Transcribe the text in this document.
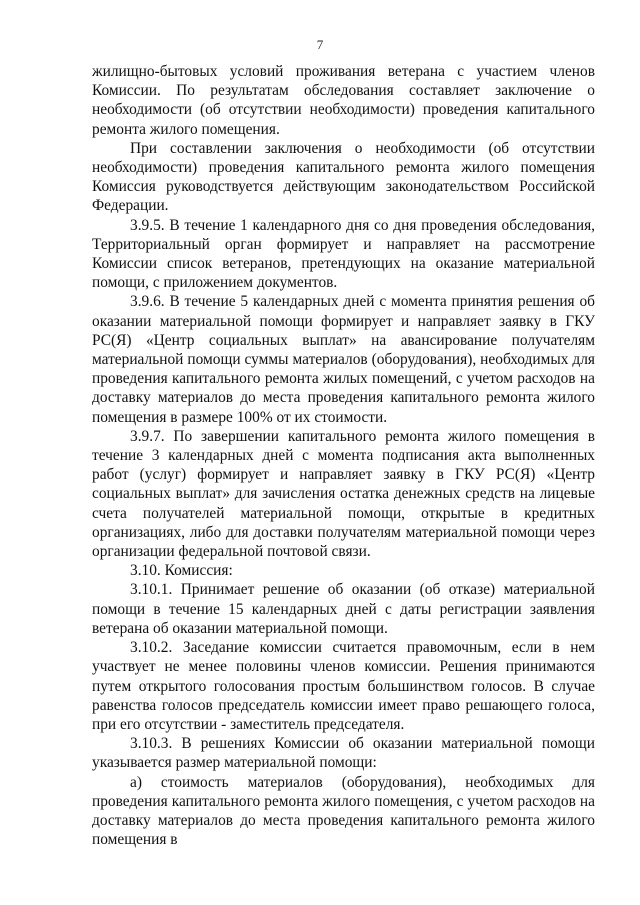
7

жилищно-бытовых условий проживания ветерана с участием членов Комиссии. По результатам обследования составляет заключение о необходимости (об отсутствии необходимости) проведения капитального ремонта жилого помещения.

При составлении заключения о необходимости (об отсутствии необходимости) проведения капитального ремонта жилого помещения Комиссия руководствуется действующим законодательством Российской Федерации.

3.9.5. В течение 1 календарного дня со дня проведения обследования, Территориальный орган формирует и направляет на рассмотрение Комиссии список ветеранов, претендующих на оказание материальной помощи, с приложением документов.

3.9.6. В течение 5 календарных дней с момента принятия решения об оказании материальной помощи формирует и направляет заявку в ГКУ РС(Я) «Центр социальных выплат» на авансирование получателям материальной помощи суммы материалов (оборудования), необходимых для проведения капитального ремонта жилых помещений, с учетом расходов на доставку материалов до места проведения капитального ремонта жилого помещения в размере 100% от их стоимости.

3.9.7. По завершении капитального ремонта жилого помещения в течение 3 календарных дней с момента подписания акта выполненных работ (услуг) формирует и направляет заявку в ГКУ РС(Я) «Центр социальных выплат» для зачисления остатка денежных средств на лицевые счета получателей материальной помощи, открытые в кредитных организациях, либо для доставки получателям материальной помощи через организации федеральной почтовой связи.

3.10. Комиссия:

3.10.1. Принимает решение об оказании (об отказе) материальной помощи в течение 15 календарных дней с даты регистрации заявления ветерана об оказании материальной помощи.

3.10.2. Заседание комиссии считается правомочным, если в нем участвует не менее половины членов комиссии. Решения принимаются путем открытого голосования простым большинством голосов. В случае равенства голосов председатель комиссии имеет право решающего голоса, при его отсутствии - заместитель председателя.

3.10.3. В решениях Комиссии об оказании материальной помощи указывается размер материальной помощи:

а) стоимость материалов (оборудования), необходимых для проведения капитального ремонта жилого помещения, с учетом расходов на доставку материалов до места проведения капитального ремонта жилого помещения в
